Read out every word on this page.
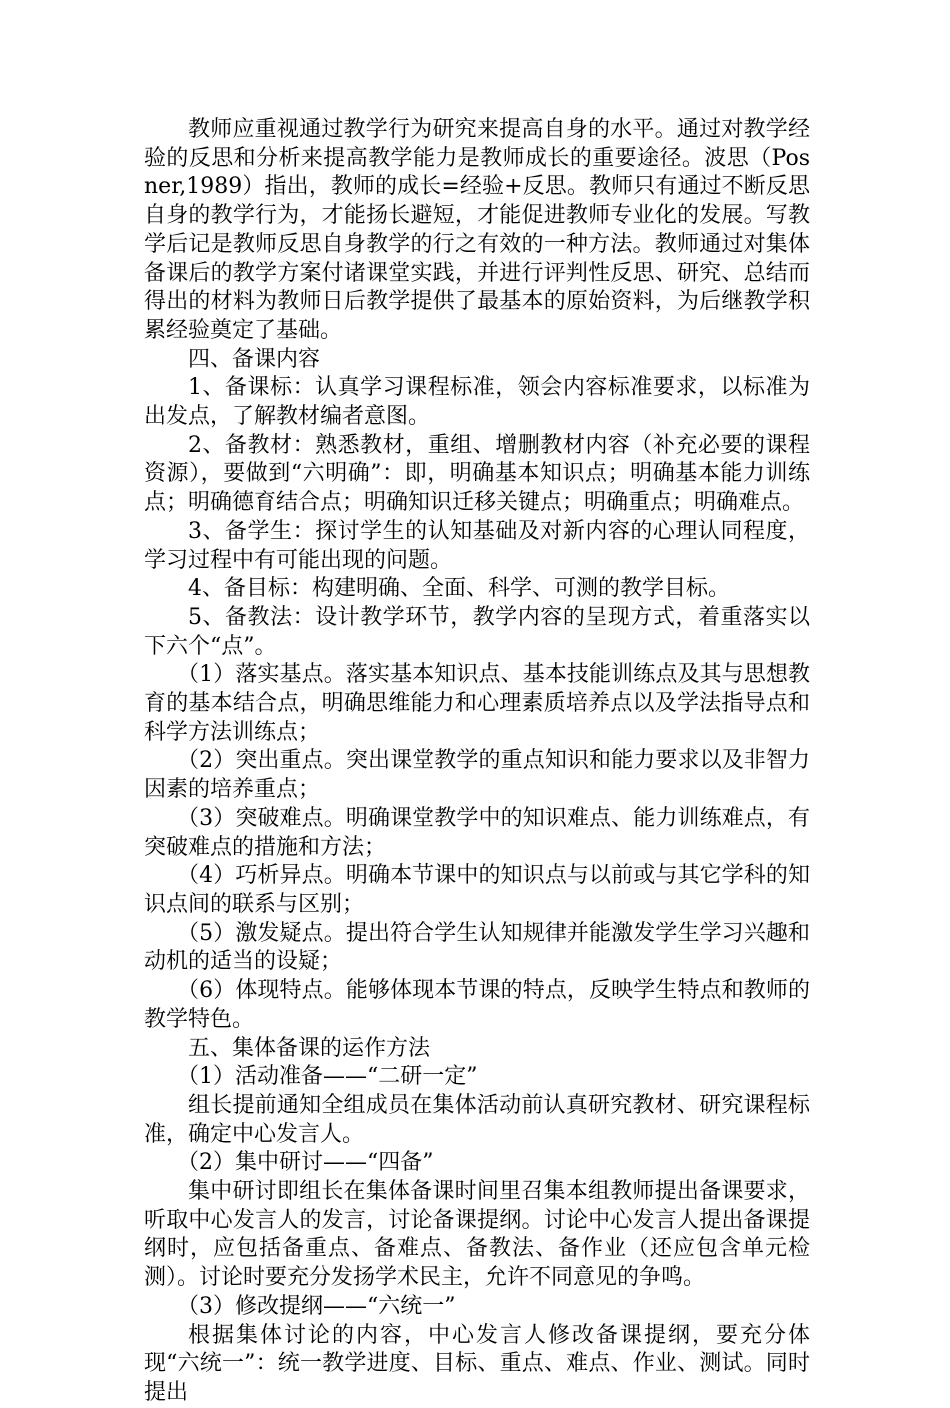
教师应重视通过教学行为研究来提高自身的水平。通过对教学经验的反思和分析来提高教学能力是教师成长的重要途径。波思（Posner,1989）指出，教师的成长=经验+反思。教师只有通过不断反思自身的教学行为，才能扬长避短，才能促进教师专业化的发展。写教学后记是教师反思自身教学的行之有效的一种方法。教师通过对集体备课后的教学方案付诸课堂实践，并进行评判性反思、研究、总结而得出的材料为教师日后教学提供了最基本的原始资料，为后继教学积累经验奠定了基础。

四、备课内容

1、备课标：认真学习课程标准，领会内容标准要求，以标准为出发点，了解教材编者意图。

2、备教材：熟悉教材，重组、增删教材内容（补充必要的课程资源），要做到“六明确”：即，明确基本知识点；明确基本能力训练点；明确德育结合点；明确知识迁移关键点；明确重点；明确难点。

3、备学生：探讨学生的认知基础及对新内容的心理认同程度，学习过程中有可能出现的问题。

4、备目标：构建明确、全面、科学、可测的教学目标。

5、备教法：设计教学环节，教学内容的呈现方式，着重落实以下六个“点”。

（1）落实基点。落实基本知识点、基本技能训练点及其与思想教育的基本结合点，明确思维能力和心理素质培养点以及学法指导点和科学方法训练点；

（2）突出重点。突出课堂教学的重点知识和能力要求以及非智力因素的培养重点；

（3）突破难点。明确课堂教学中的知识难点、能力训练难点，有突破难点的措施和方法；

（4）巧析异点。明确本节课中的知识点与以前或与其它学科的知识点间的联系与区别；

（5）激发疑点。提出符合学生认知规律并能激发学生学习兴趣和动机的适当的设疑；

（6）体现特点。能够体现本节课的特点，反映学生特点和教师的教学特色。

五、集体备课的运作方法

（1）活动准备——“二研一定”

组长提前通知全组成员在集体活动前认真研究教材、研究课程标准，确定中心发言人。

（2）集中研讨——“四备”

集中研讨即组长在集体备课时间里召集本组教师提出备课要求，听取中心发言人的发言，讨论备课提纲。讨论中心发言人提出备课提纲时，应包括备重点、备难点、备教法、备作业（还应包含单元检测）。讨论时要充分发扬学术民主，允许不同意见的争鸣。

（3）修改提纲——“六统一”

根据集体讨论的内容，中心发言人修改备课提纲，要充分体现“六统一”：统一教学进度、目标、重点、难点、作业、测试。同时提出
